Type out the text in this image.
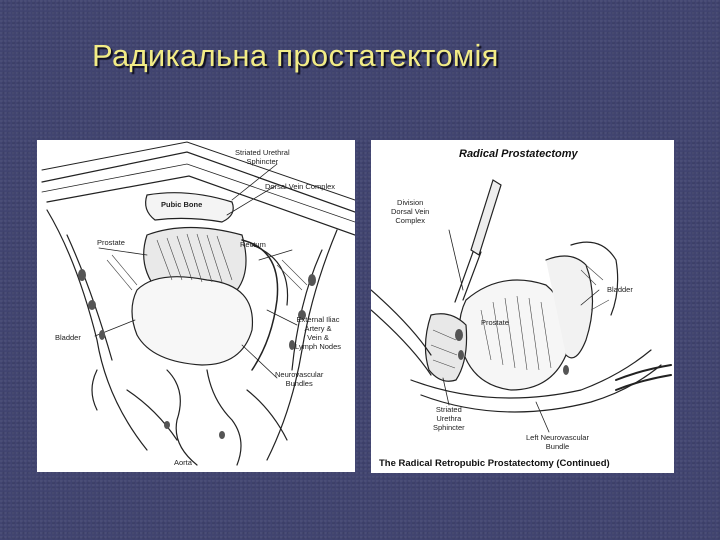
Радикальна простатектомія
Striated Urethral
Sphincter
Dorsal Vein Complex
Pubic Bone
Prostate	Rectum
External Iliac
Artery &
Vein &
Lymph Nodes
Bladder
Neurovascular
Bundles
Aorta
Radical Prostatectomy
Division
Dorsal Vein
Complex
Bladder
Prostate
Striated
Urethra
Sphincter
Left Neurovascular
Bundle
The Radical Retropubic Prostatectomy (Continued)
